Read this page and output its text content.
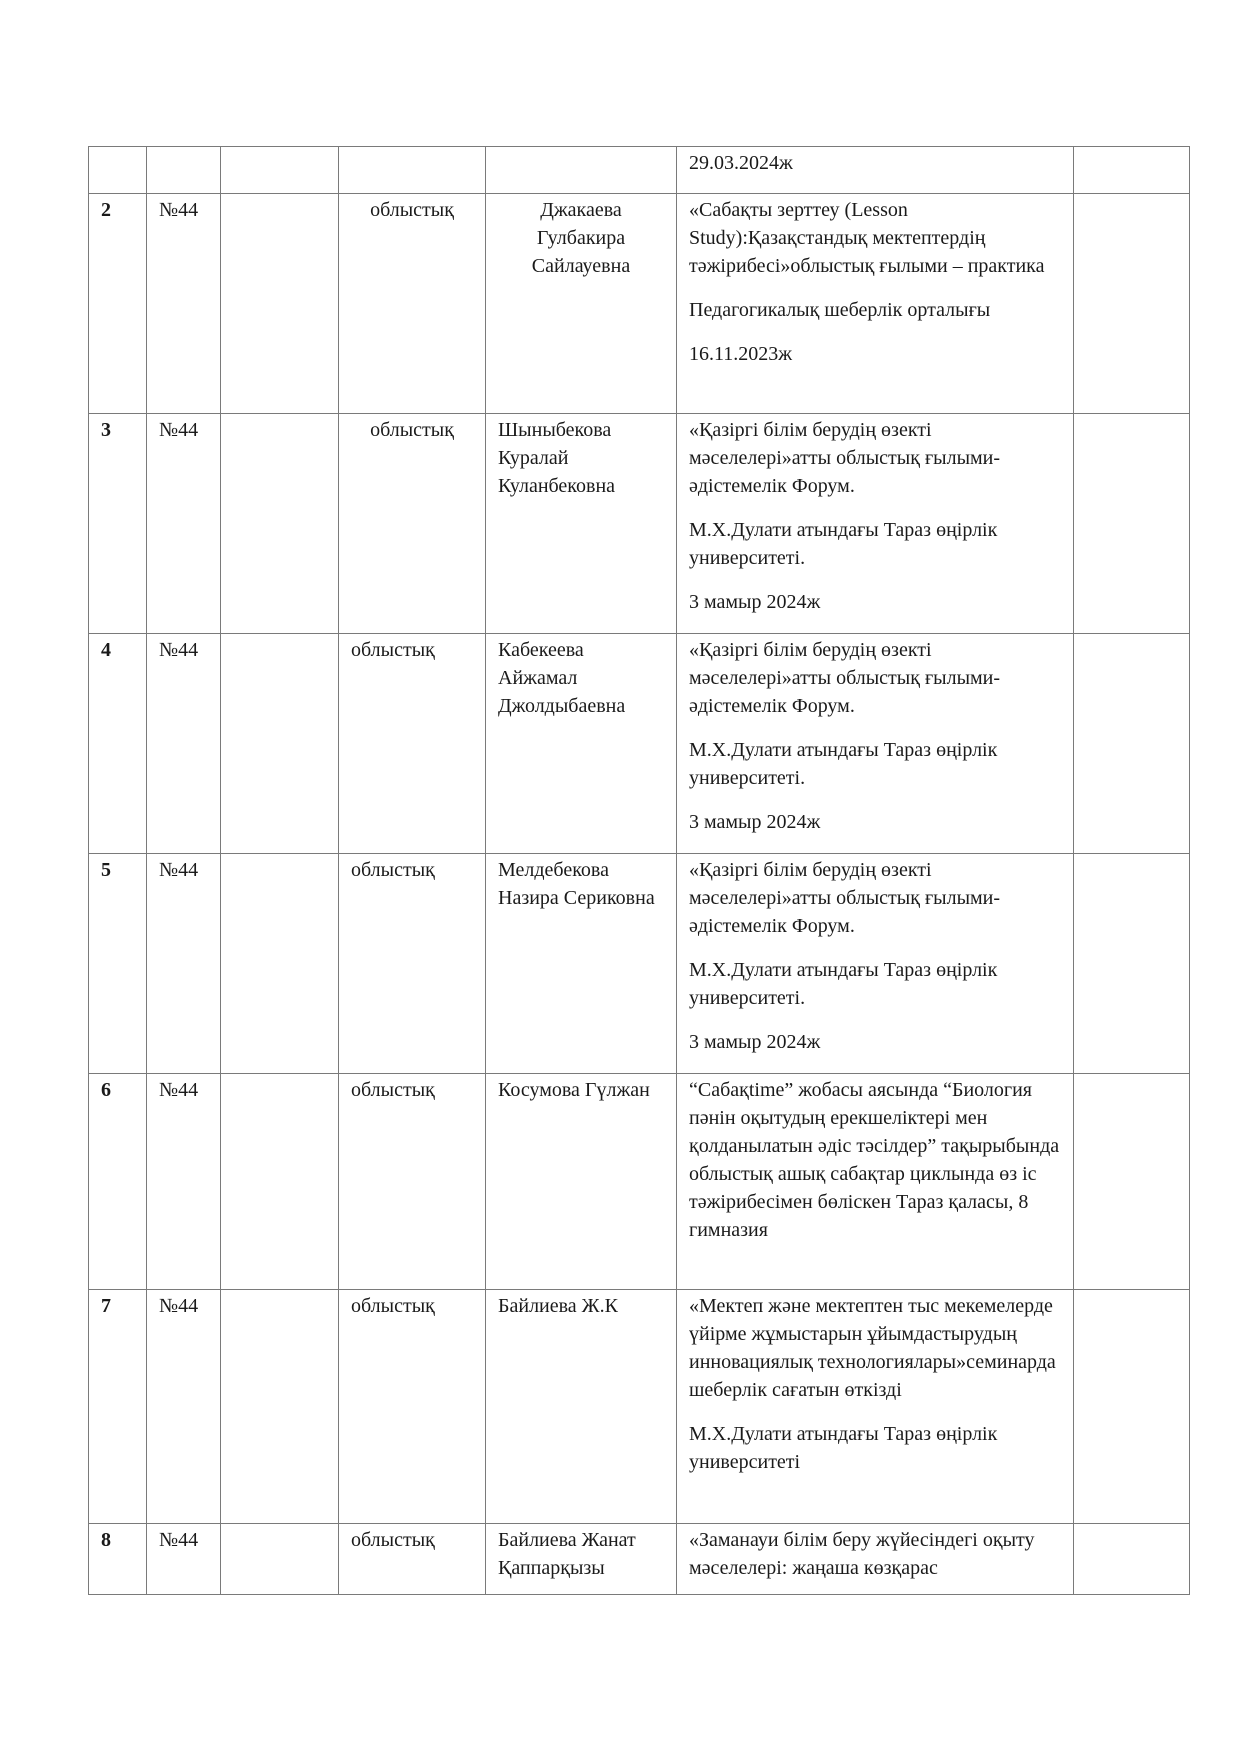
					29.03.2024ж	

2	№44		облыстық	Джакаева Гулбакира Сайлауевна	«Сабақты зерттеу (Lesson Study):Қазақстандық мектептердің тәжірибесі»облыстық ғылыми – практика

Педагогикалық шеберлік орталығы

16.11.2023ж	

3	№44		облыстық	Шыныбекова Куралай Куланбековна	«Қазіргі білім берудің өзекті мәселелері»атты облыстық ғылыми-әдістемелік Форум.

М.Х.Дулати атындағы Тараз өңірлік университеті.

3 мамыр 2024ж	

4	№44		облыстық	Кабекеева Айжамал Джолдыбаевна	«Қазіргі білім берудің өзекті мәселелері»атты облыстық ғылыми-әдістемелік Форум.

М.Х.Дулати атындағы Тараз өңірлік университеті.

3 мамыр 2024ж	

5	№44		облыстық	Мелдебекова Назира Сериковна	«Қазіргі білім берудің өзекті мәселелері»атты облыстық ғылыми-әдістемелік Форум.

М.Х.Дулати атындағы Тараз өңірлік университеті.

3 мамыр 2024ж	

6	№44		облыстық	Косумова Гүлжан	“Сабақtime” жобасы аясында “Биология пәнін оқытудың ерекшеліктері мен қолданылатын әдіс тәсілдер” тақырыбында облыстық ашық сабақтар циклында өз іс тәжірибесімен бөліскен Тараз қаласы, 8 гимназия	

7	№44		облыстық	Байлиева Ж.К	«Мектеп және мектептен тыс мекемелерде үйірме жұмыстарын ұйымдастырудың инновациялық технологиялары»семинарда шеберлік сағатын өткізді

М.Х.Дулати атындағы Тараз өңірлік университеті	

8	№44		облыстық	Байлиева Жанат Қаппарқызы	«Заманауи білім беру жүйесіндегі оқыту мәселелері: жаңаша көзқарас	
